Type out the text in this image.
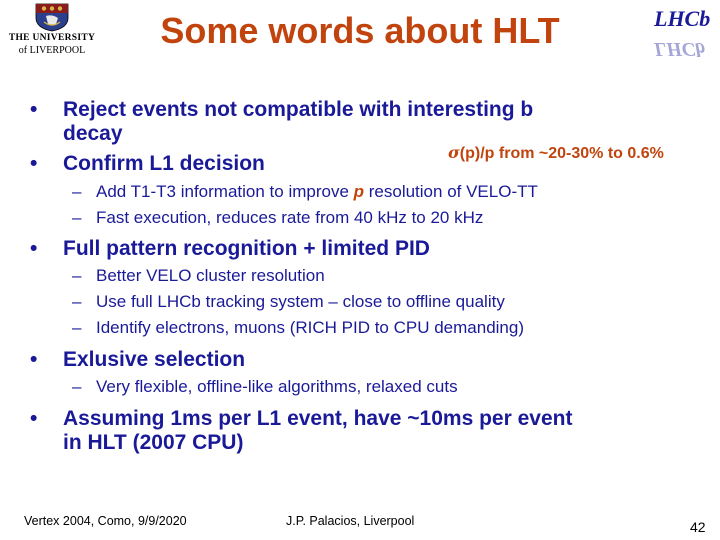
THE UNIVERSITY
of LIVERPOOL
LHCb
LHCb
Some words about HLT
• Reject events not compatible with interesting b
decay
• Confirm L1 decision	σ(p)/p from ~20-30% to 0.6%
– Add T1-T3 information to improve p resolution of VELO-TT
– Fast execution, reduces rate from 40 kHz to 20 kHz
• Full pattern recognition + limited PID
– Better VELO cluster resolution
– Use full LHCb tracking system – close to offline quality
– Identify electrons, muons (RICH PID to CPU demanding)
• Exlusive selection
– Very flexible, offline-like algorithms, relaxed cuts
• Assuming 1ms per L1 event, have ~10ms per event
in HLT (2007 CPU)
Vertex 2004, Como, 9/9/2020	J.P. Palacios, Liverpool	42
